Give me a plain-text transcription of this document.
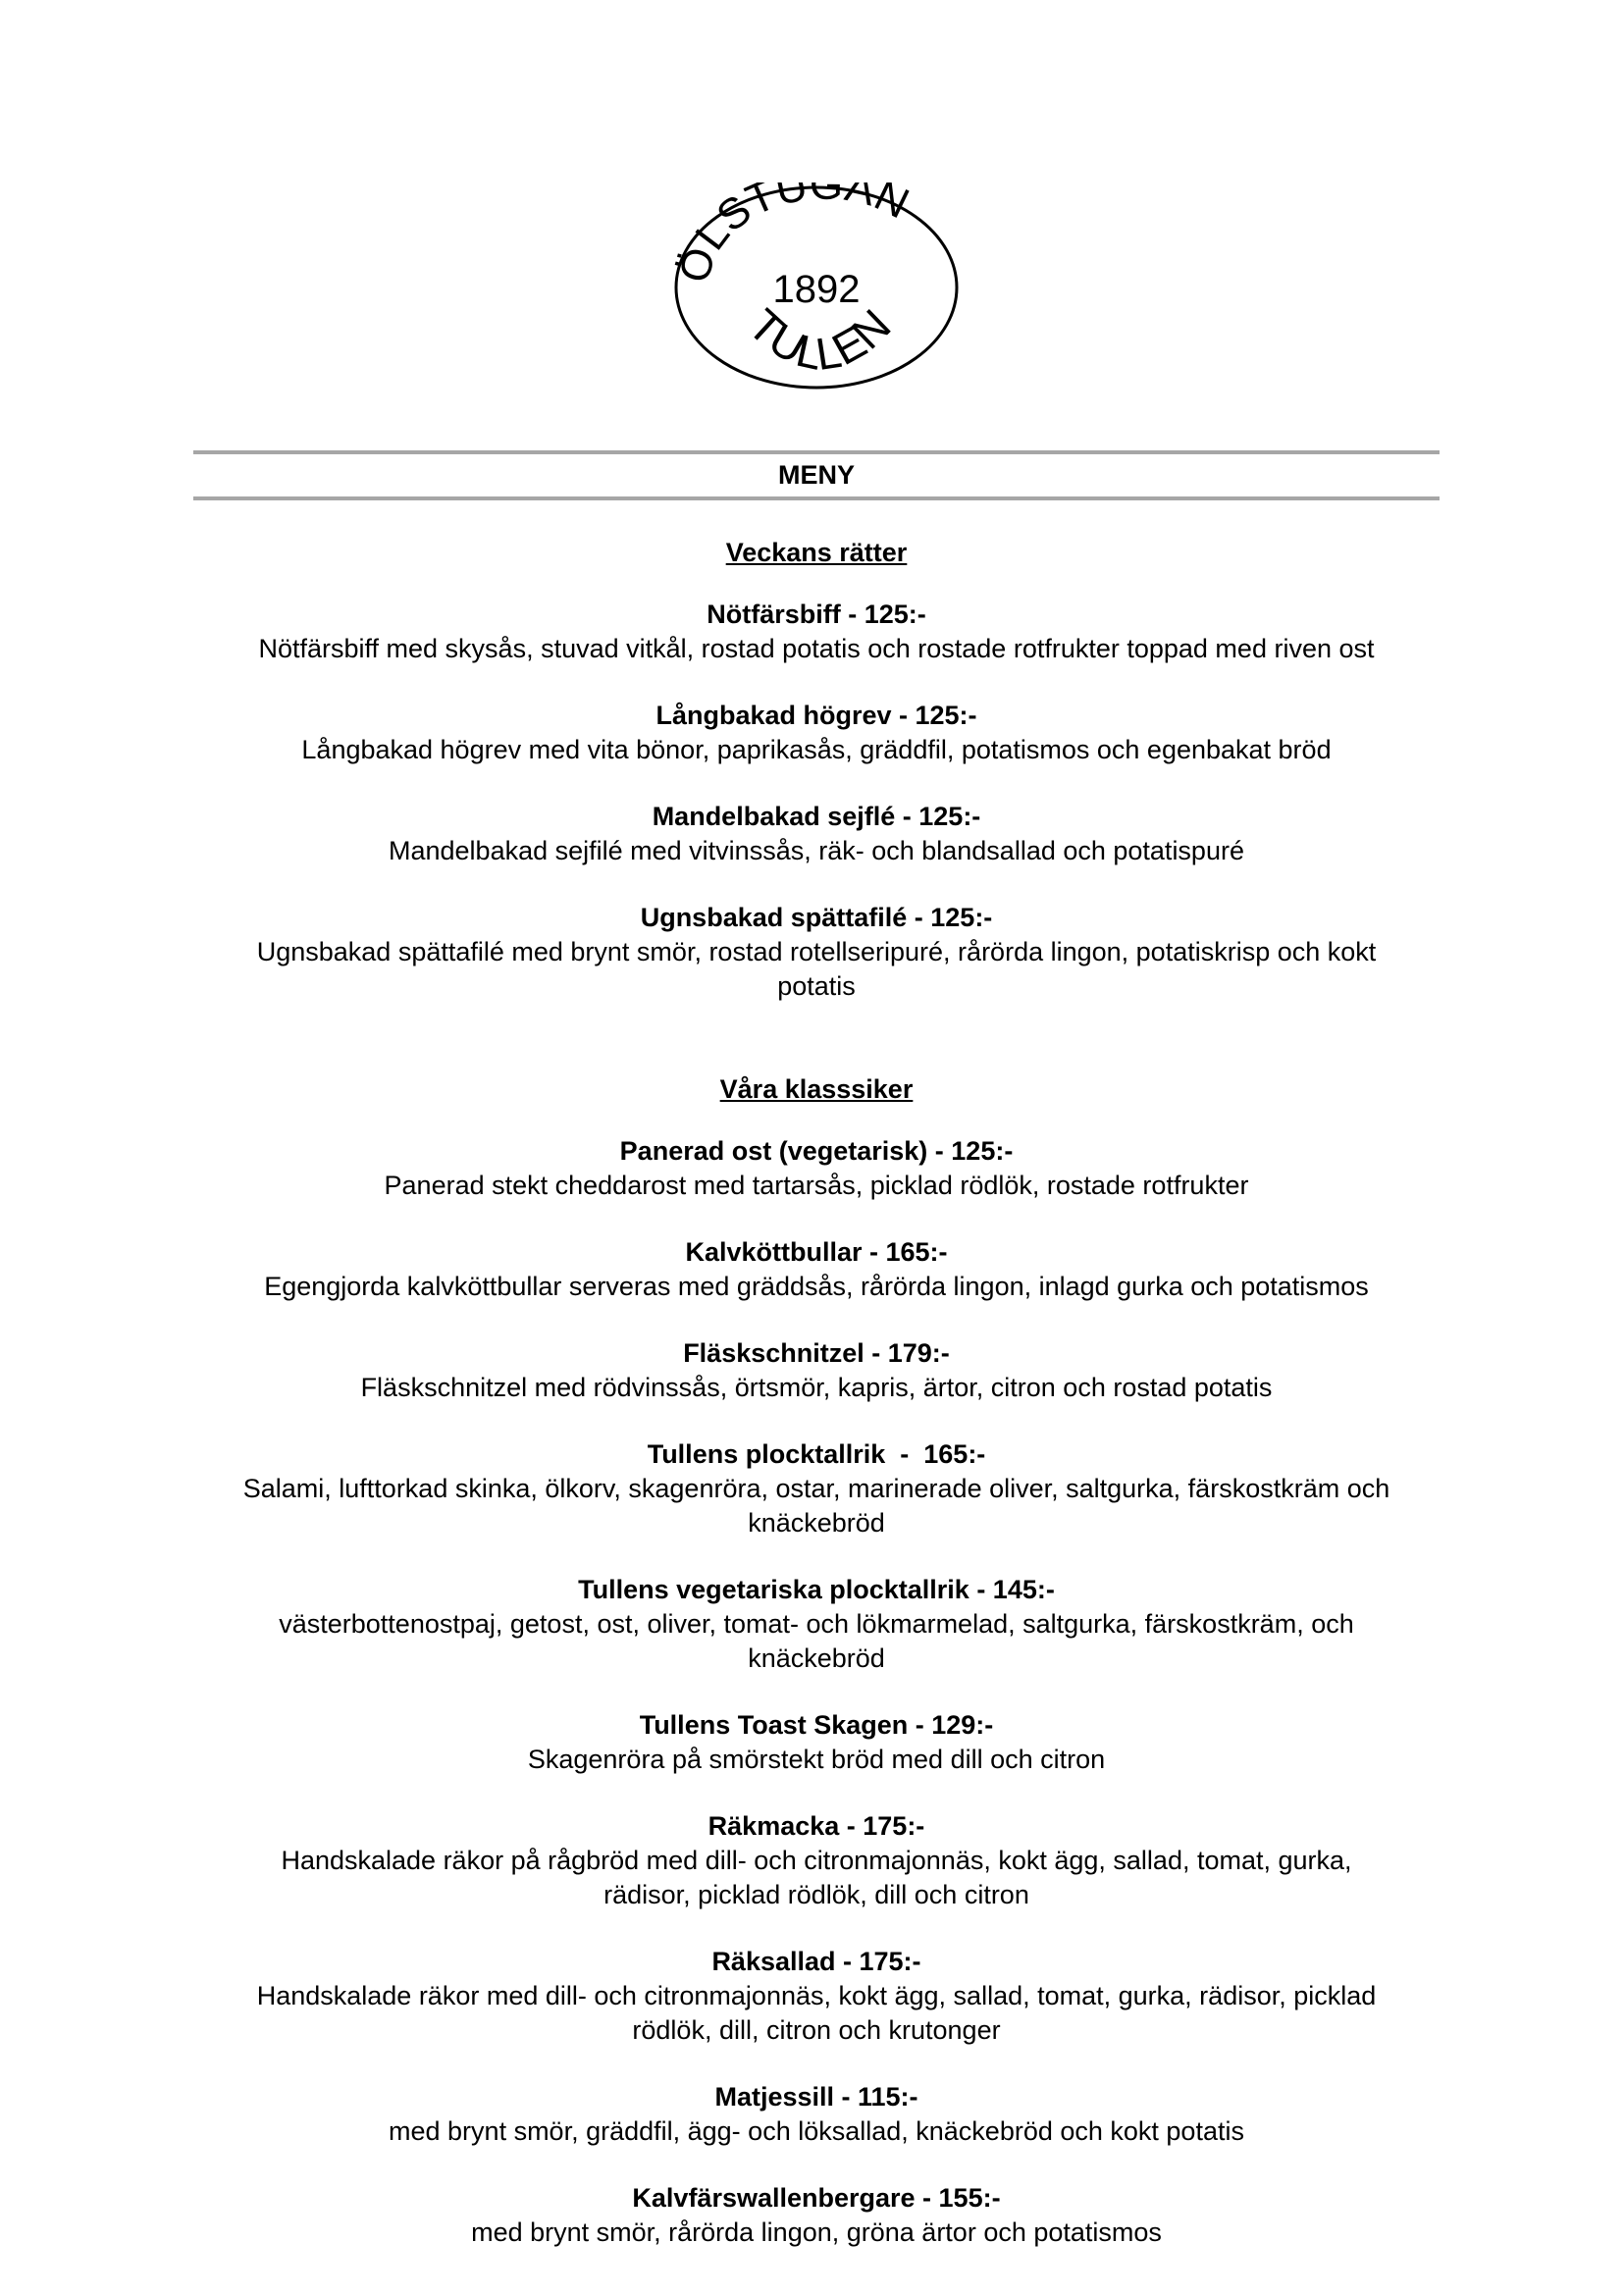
ÖLSTUGAN
1892
TULLEN
MENY
Veckans rätter
Nötfärsbiff - 125:-
Nötfärsbiff med skysås, stuvad vitkål, rostad potatis och rostade rotfrukter toppad med riven ost
Långbakad högrev - 125:-
Långbakad högrev med vita bönor, paprikasås, gräddfil, potatismos och egenbakat bröd
Mandelbakad sejflé - 125:-
Mandelbakad sejfilé med vitvinssås, räk- och blandsallad och potatispuré
Ugnsbakad spättafilé - 125:-
Ugnsbakad spättafilé med brynt smör, rostad rotellseripuré, rårörda lingon, potatiskrisp och kokt potatis
Våra klasssiker
Panerad ost (vegetarisk) - 125:-
Panerad stekt cheddarost med tartarsås, picklad rödlök, rostade rotfrukter
Kalvköttbullar - 165:-
Egengjorda kalvköttbullar serveras med gräddsås, rårörda lingon, inlagd gurka och potatismos
Fläskschnitzel - 179:-
Fläskschnitzel med rödvinssås, örtsmör, kapris, ärtor, citron och rostad potatis
Tullens plocktallrik  -  165:-
Salami, lufttorkad skinka, ölkorv, skagenröra, ostar, marinerade oliver, saltgurka, färskostkräm och knäckebröd
Tullens vegetariska plocktallrik - 145:-
västerbottenostpaj, getost, ost, oliver, tomat- och lökmarmelad, saltgurka, färskostkräm, och knäckebröd
Tullens Toast Skagen - 129:-
Skagenröra på smörstekt bröd med dill och citron
Räkmacka - 175:-
Handskalade räkor på rågbröd med dill- och citronmajonnäs, kokt ägg, sallad, tomat, gurka, rädisor, picklad rödlök, dill och citron
Räksallad - 175:-
Handskalade räkor med dill- och citronmajonnäs, kokt ägg, sallad, tomat, gurka, rädisor, picklad rödlök, dill, citron och krutonger
Matjessill - 115:-
med brynt smör, gräddfil, ägg- och löksallad, knäckebröd och kokt potatis
Kalvfärswallenbergare - 155:-
med brynt smör, rårörda lingon, gröna ärtor och potatismos
